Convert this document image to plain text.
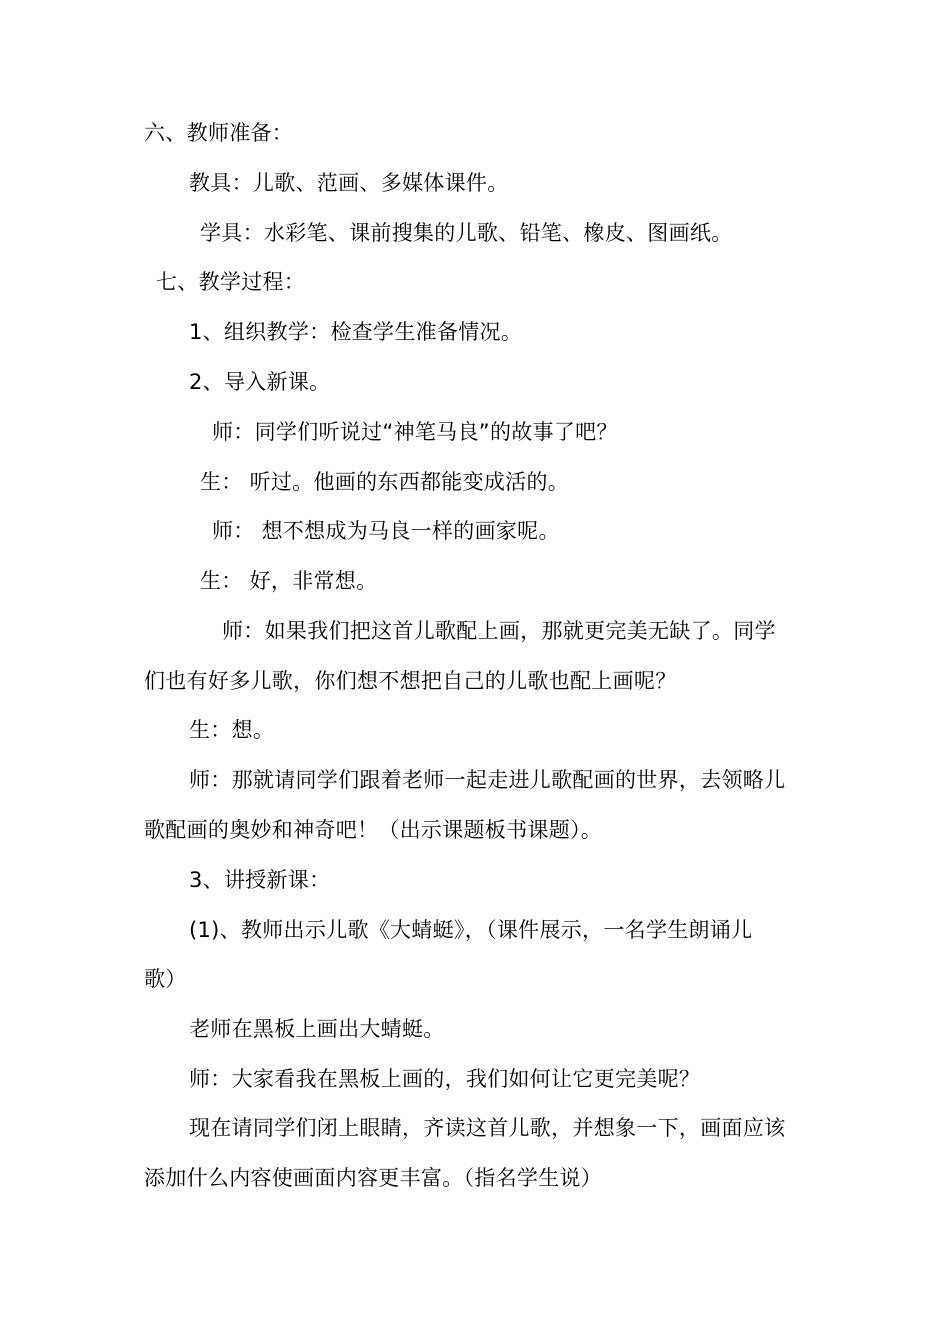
六、教师准备：
教具：儿歌、范画、多媒体课件。
学具：水彩笔、课前搜集的儿歌、铅笔、橡皮、图画纸。
七、教学过程：
1、组织教学：检查学生准备情况。
2、导入新课。
师：同学们听说过“神笔马良”的故事了吧？
生： 听过。他画的东西都能变成活的。
师： 想不想成为马良一样的画家呢。
生： 好，非常想。
师：如果我们把这首儿歌配上画，那就更完美无缺了。同学
们也有好多儿歌，你们想不想把自己的儿歌也配上画呢？
生：想。
师：那就请同学们跟着老师一起走进儿歌配画的世界，去领略儿
歌配画的奥妙和神奇吧！（出示课题板书课题）。
3、讲授新课：
(1)、教师出示儿歌《大蜻蜓》，（课件展示，一名学生朗诵儿
歌）
老师在黑板上画出大蜻蜓。
师：大家看我在黑板上画的，我们如何让它更完美呢？
现在请同学们闭上眼睛，齐读这首儿歌，并想象一下，画面应该
添加什么内容使画面内容更丰富。（指名学生说）
